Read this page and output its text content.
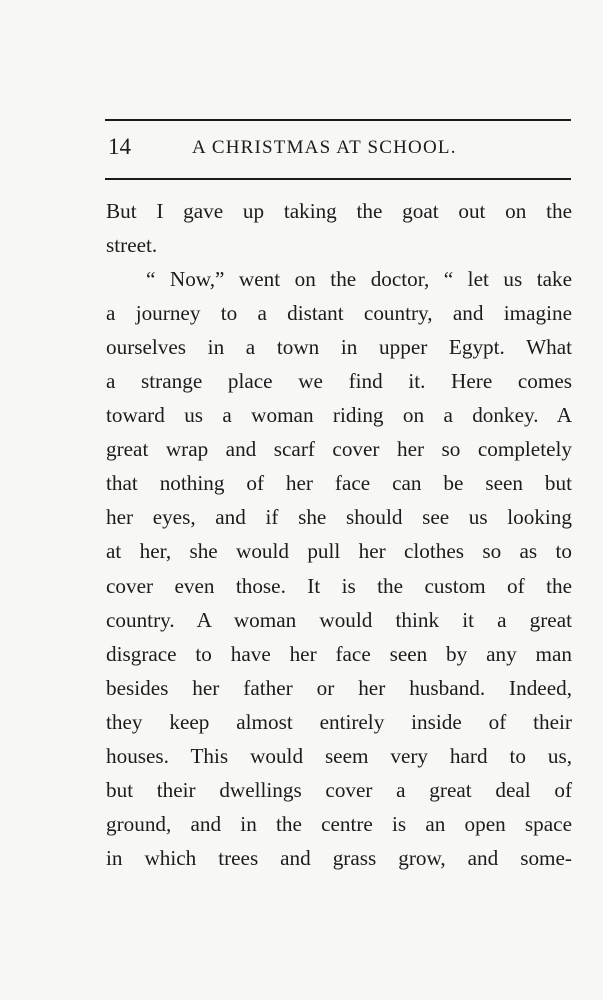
14	A CHRISTMAS AT SCHOOL.
But I gave up taking the goat out on the
street.
“ Now,” went on the doctor, “ let us take
a journey to a distant country, and imagine
ourselves in a town in upper Egypt. What
a strange place we find it. Here comes
toward us a woman riding on a donkey. A
great wrap and scarf cover her so completely
that nothing of her face can be seen but
her eyes, and if she should see us looking
at her, she would pull her clothes so as to
cover even those. It is the custom of the
country. A woman would think it a great
disgrace to have her face seen by any man
besides her father or her husband. Indeed,
they keep almost entirely inside of their
houses. This would seem very hard to us,
but their dwellings cover a great deal of
ground, and in the centre is an open space
in which trees and grass grow, and some-
